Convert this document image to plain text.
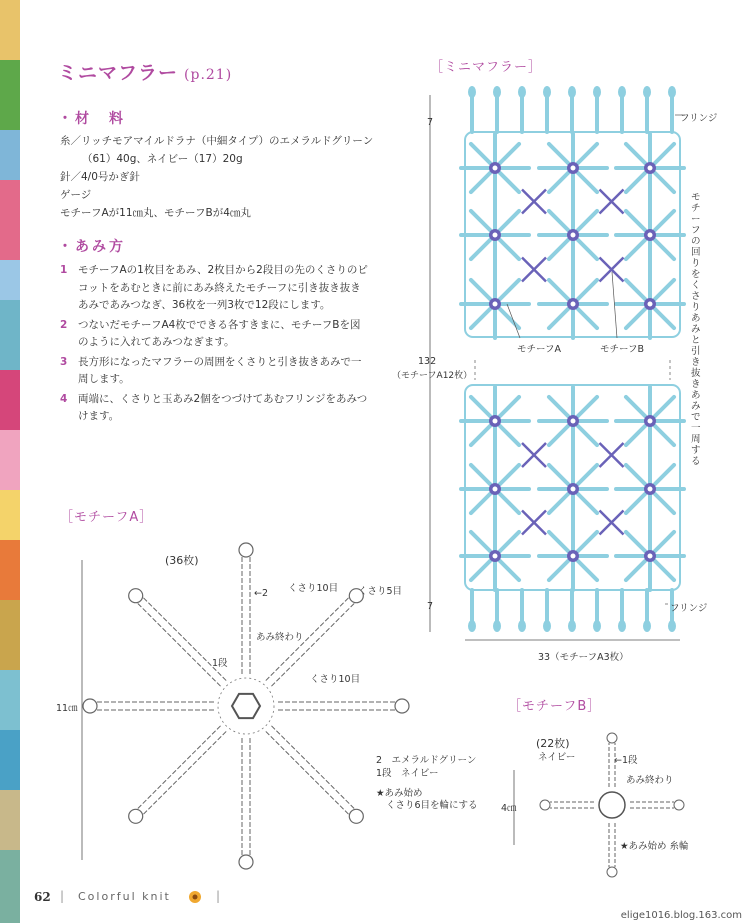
ミニマフラー (p.21)
・材　料
糸／リッチモアマイルドラナ（中細タイプ）のエメラルドグリーン
（61）40g、ネイビー（17）20g
針／4/0号かぎ針
ゲージ
モチーフAが11㎝丸、モチーフBが4㎝丸
・あみ方
1 モチーフAの1枚目をあみ、2枚目から2段目の先のくさりのピコットをあむときに前にあみ終えたモチーフに引き抜き抜きあみであみつなぎ、36枚を一列3枚で12段にします。
2 つないだモチーフA4枚でできる各すきまに、モチーフBを図のように入れてあみつなぎます。
3 長方形になったマフラーの周囲をくさりと引き抜きあみで一周します。
4 両端に、くさりと玉あみ2個をつづけてあむフリンジをあみつけます。
［ミニマフラー］
フリンジ
フリンジ
モチーフの回りをくさりあみと引き抜きあみで一周する
モチーフA	モチーフB
7
7
132
（モチーフA12枚）
33（モチーフA3枚）
［モチーフA］
(36枚)
11㎝
←2 くさり10目 くさり5目
あみ終わり
1段
くさり10目
2　エメラルドグリーン
1段　ネイビー
★あみ始め
くさり6目を輪にする
［モチーフB］
(22枚)
ネイビー	←1段
あみ終わり
4㎝
★あみ始め 糸輪
62 | Colorful knit	|
elige1016.blog.163.com
